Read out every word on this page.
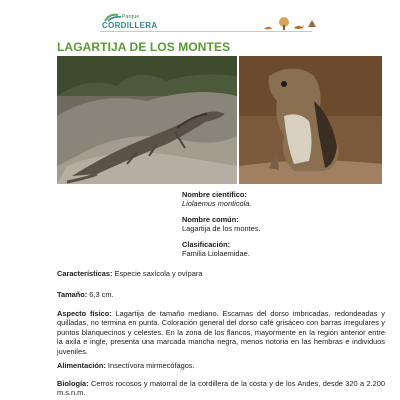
Parque
CORDILLERA
LAGARTIJA DE LOS MONTES
Nombre científico:
Liolaemus monticola.
Nombre común:
Lagartija de los montes.
Clasificación:
Familia Liolaemidae.
Características: Especie saxícola y ovípara
Tamaño: 6,3 cm.
Aspecto físico: Lagartija de tamaño mediano. Escamas del dorso imbricadas, redondeadas y quilladas, no termina en punta. Coloración general del dorso café grisáceo con barras irregulares y puntos blanquecinos y celestes. En la zona de los flancos, mayormente en la región anterior entre la axila e ingle, presenta una marcada mancha negra, menos notoria en las hembras e individuos juveniles.
Alimentación: Insectívora mirmecófagos.
Biología: Cerros rocosos y matorral de la cordillera de la costa y de los Andes, desde 320 a 2.200 m.s.n.m.
